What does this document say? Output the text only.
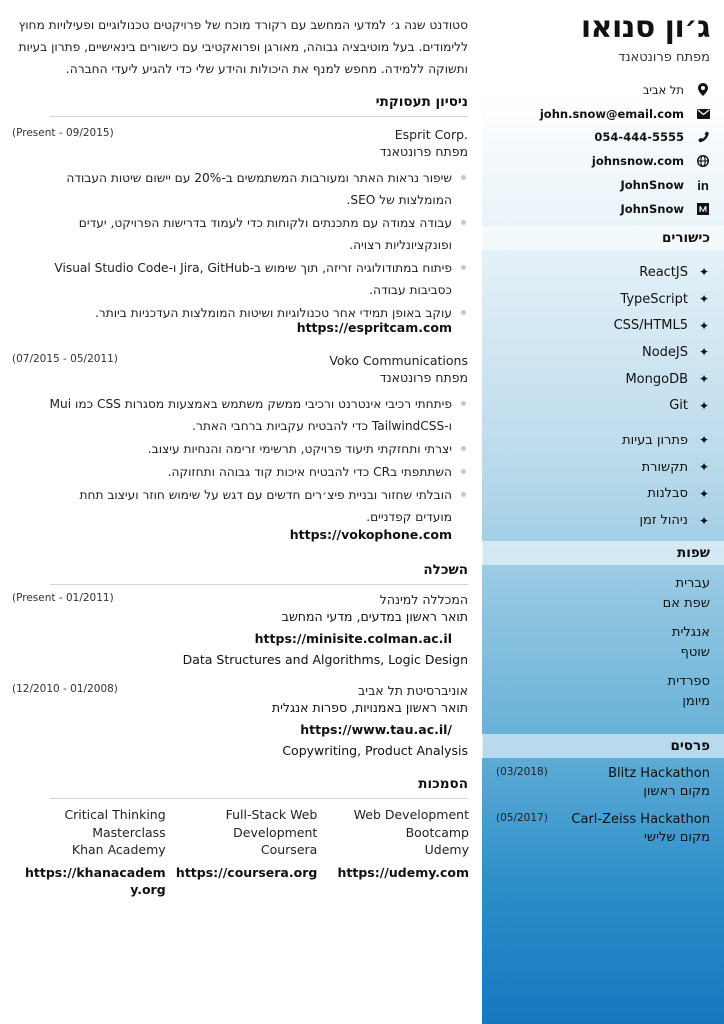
ג׳ון סנואו
מפתח פרונטאנד
תל אביב
john.snow@email.com
054-444-5555
johnsnow.com
in
JohnSnow
JohnSnow
כישורים
✦
ReactJS
✦
TypeScript
✦
CSS/HTML5
✦
NodeJS
✦
MongoDB
✦
Git
✦
פתרון בעיות
✦
תקשורת
✦
סבלנות
✦
ניהול זמן
שפות
עברית
שפת אם
אנגלית
שוטף
ספרדית
מיומן
פרסים
Blitz Hackathon
מקום ראשון
(03/2018)
Carl-Zeiss Hackathon
מקום שלישי
(05/2017)

סטודנט שנה ג׳ למדעי המחשב עם רקורד מוכח של פרויקטים טכנולוגיים ופעילויות מחוץ ללימודים. בעל מוטיבציה גבוהה, מאורגן ופרואקטיבי עם כישורים בינאישיים, פתרון בעיות ותשוקה ללמידה. מחפש למנף את היכולות והידע שלי כדי להגיע ליעדי החברה.

ניסיון תעסוקתי
Esprit Corp.
(Present - 09/2015)
מפתח פרונטאנד
שיפור נראות האתר ומעורבות המשתמשים ב-20% עם יישום שיטות העבודה המומלצות של SEO.
עבודה צמודה עם מתכנתים ולקוחות כדי לעמוד בדרישות הפרויקט, יעדים ופונקציונליות רצויה.
פיתוח במתודולוגיה זריזה, תוך שימוש ב-Jira, GitHub ו-Visual Studio Code כסביבות עבודה.
עוקב באופן תמידי אחר טכנולוגיות ושיטות המומלצות העדכניות ביותר.
https://espritcam.com
Voko Communications
(07/2015 - 05/2011)
מפתח פרונטאנד
פיתחתי רכיבי אינטרנט ורכיבי ממשק משתמש באמצעות מסגרות CSS כמו Mui ו-TailwindCSS כדי להבטיח עקביות ברחבי האתר.
יצרתי ותחזקתי תיעוד פרויקט, תרשימי זרימה והנחיות עיצוב.
השתתפתי בCR כדי להבטיח איכות קוד גבוהה ותחזוקה.
הובלתי שחזור ובניית פיצ׳רים חדשים עם דגש על שימוש חוזר ועיצוב תחת מועדים קפדניים.
https://vokophone.com
השכלה
המכללה למינהל
(Present - 01/2011)
תואר ראשון במדעים, מדעי המחשב
https://minisite.colman.ac.il
Data Structures and Algorithms, Logic Design
אוניברסיטת תל אביב
(12/2010 - 01/2008)
תואר ראשון באמנויות, ספרות אנגלית
https://www.tau.ac.il/
Copywriting, Product Analysis
הסמכות
Web Development Bootcamp
Udemy
https://udemy.com
Full-Stack Web Development
Coursera
https://coursera.org
Critical Thinking Masterclass
Khan Academy
https://khanacademy.org
